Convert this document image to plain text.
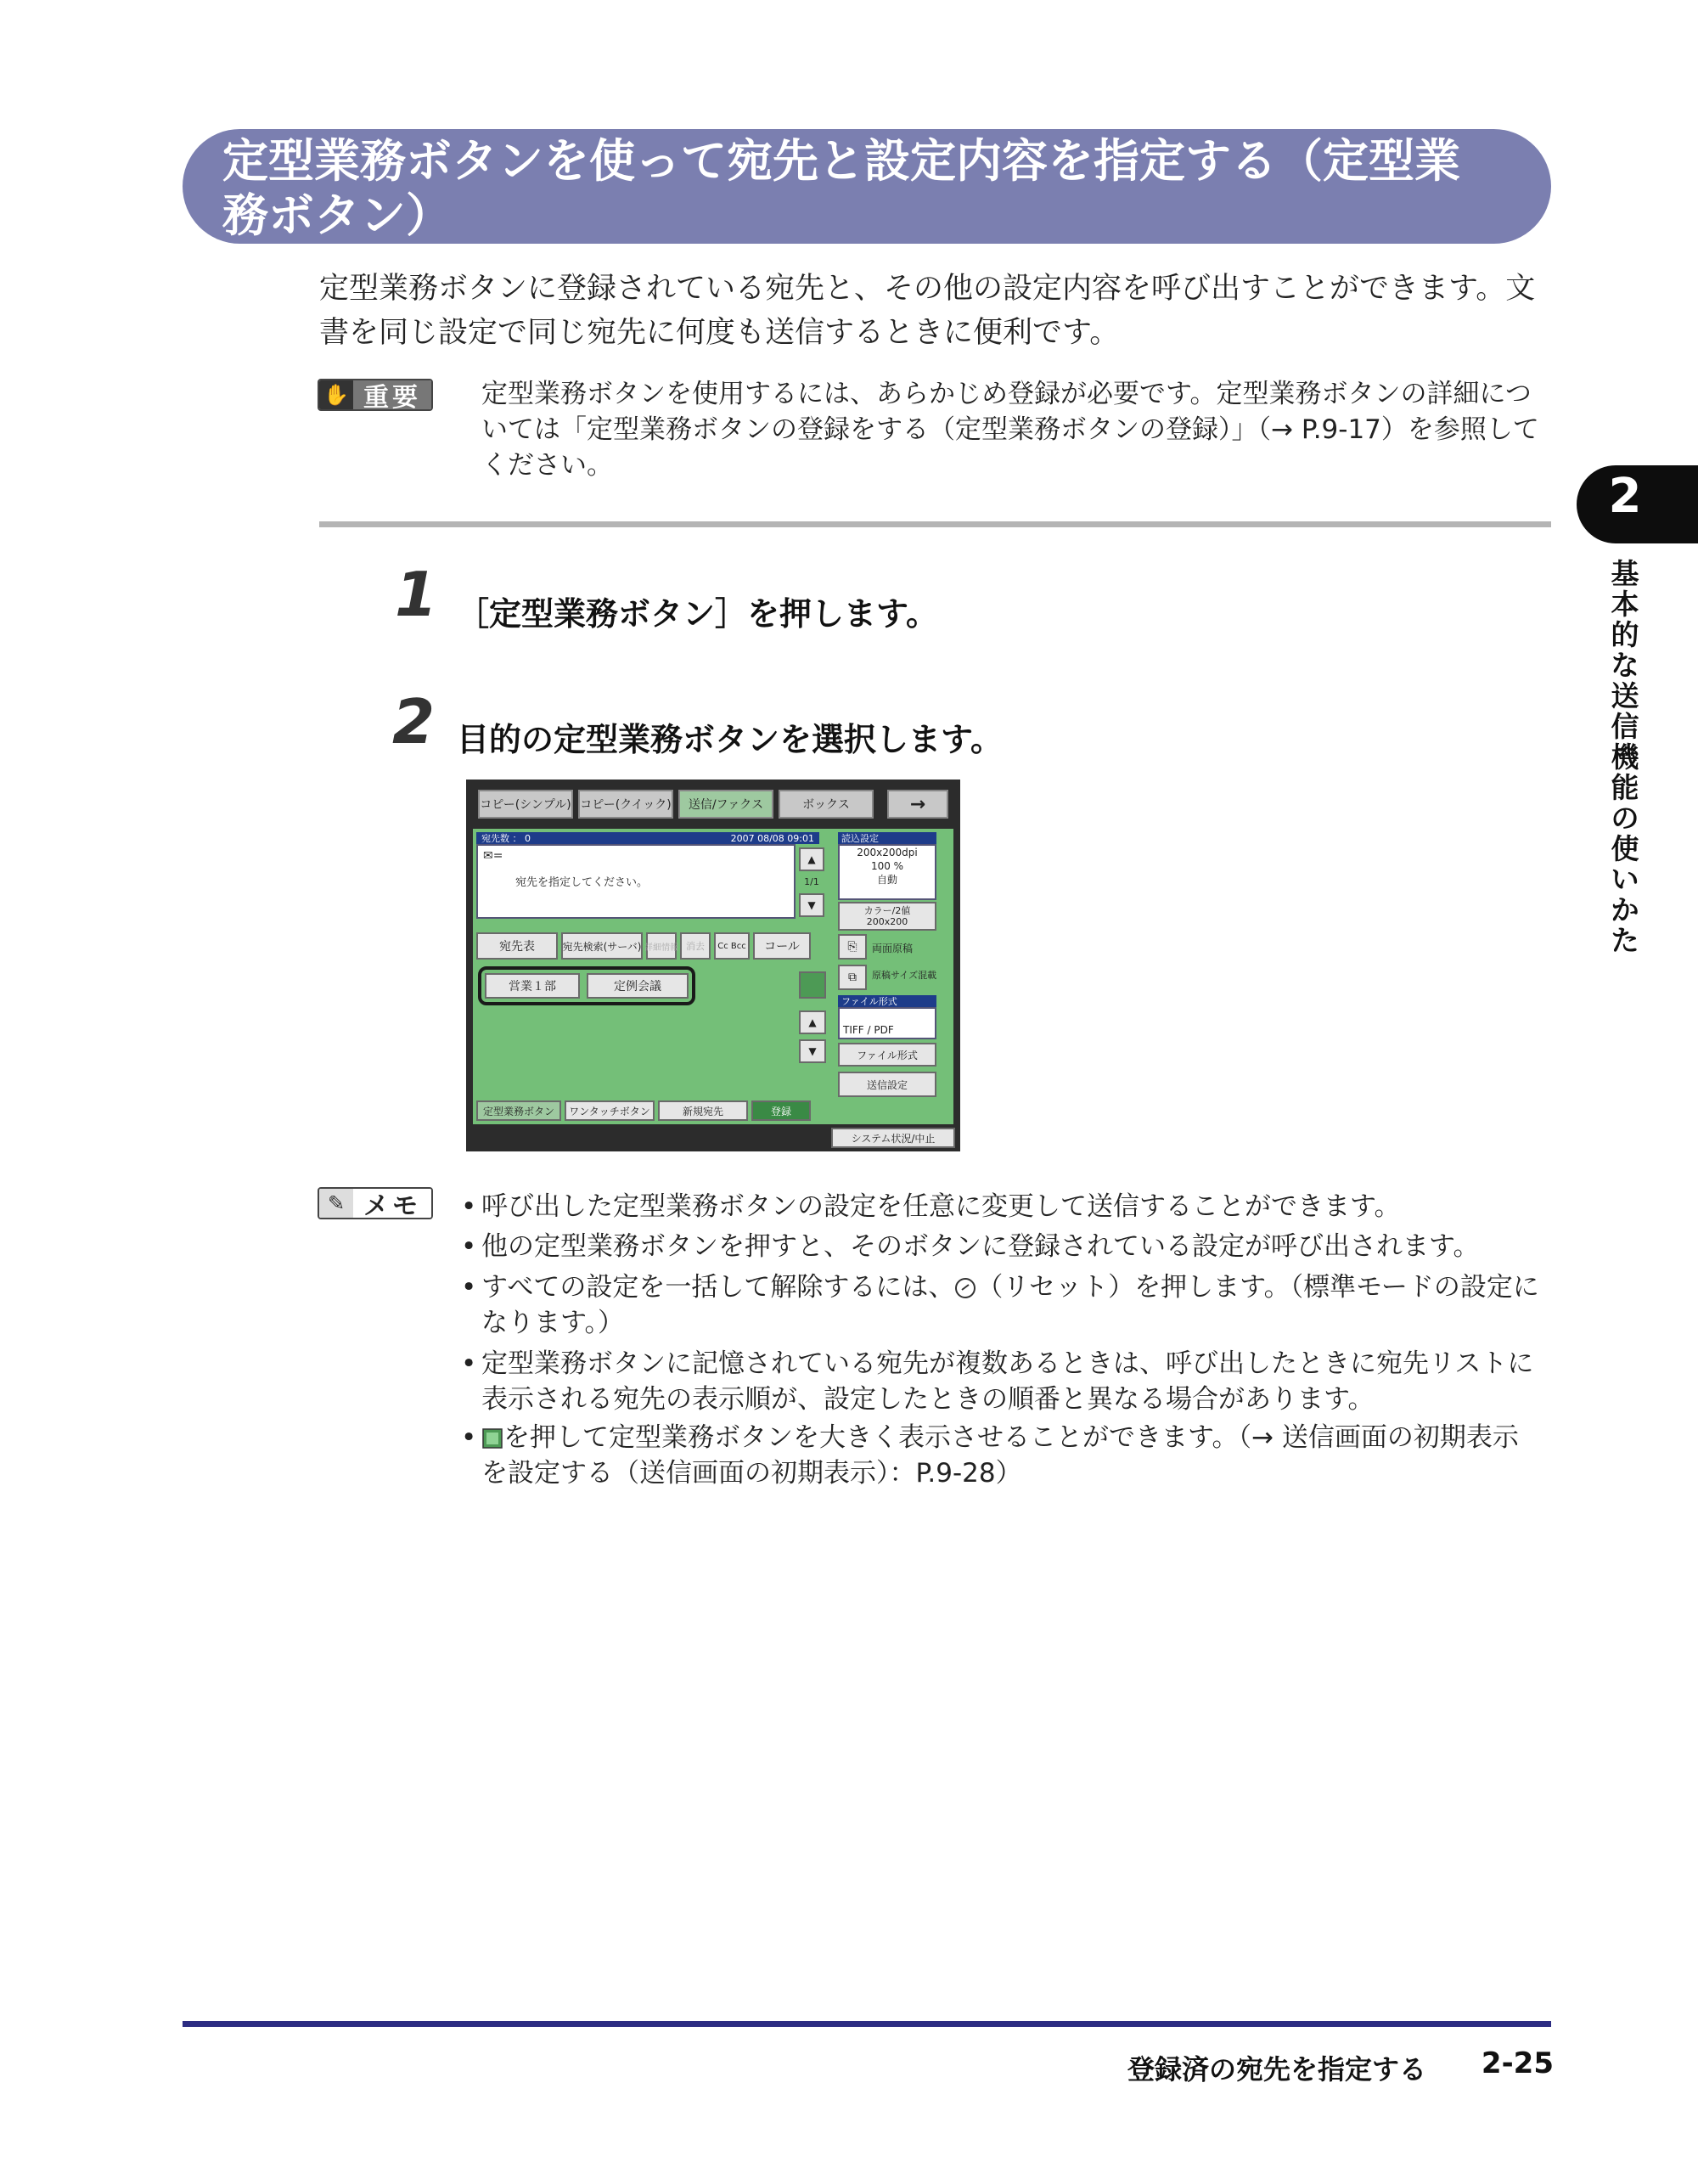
定型業務ボタンを使って宛先と設定内容を指定する（定型業
務ボタン）
定型業務ボタンに登録されている宛先と、その他の設定内容を呼び出すことができます。文
書を同じ設定で同じ宛先に何度も送信するときに便利です。
✋ 重要	定型業務ボタンを使用するには、あらかじめ登録が必要です。定型業務ボタンの詳細につ
いては「定型業務ボタンの登録をする（定型業務ボタンの登録）」（→ P.9-17）を参照して
ください。
1 ［定型業務ボタン］を押します。
2 目的の定型業務ボタンを選択します。
コピー(シンプル) コピー(クイック) 送信/ファクス	ボックス	→
宛先数 ： 0	2007 08/08 09:01
✉=
宛先を指定してください。
▲
1/1
▼
読込設定
200x200dpi
100 %
自動
カラー/2値
200x200
宛先表	宛先検索(サーバ) 詳細情報 消去 Cc Bcc コール	⎘	両面原稿
⧉	原稿サイズ混載
ファイル形式
TIFF / PDF
ファイル形式
送信設定
営業１部	定例会議
▲
▼
定型業務ボタン ワンタッチボタン	新規宛先	登録
システム状況/中止
✎ メモ	• 呼び出した定型業務ボタンの設定を任意に変更して送信することができます。
• 他の定型業務ボタンを押すと、そのボタンに登録されている設定が呼び出されます。
• すべての設定を一括して解除するには、 （リセット）を押します。（標準モードの設定に
なります。）
• 定型業務ボタンに記憶されている宛先が複数あるときは、呼び出したときに宛先リストに
表示される宛先の表示順が、設定したときの順番と異なる場合があります。
•	を押して定型業務ボタンを大きく表示させることができます。（→ 送信画面の初期表示
を設定する（送信画面の初期表示）：P.9-28）
2
基本的な送信機能の使いかた
登録済の宛先を指定する 2-25
